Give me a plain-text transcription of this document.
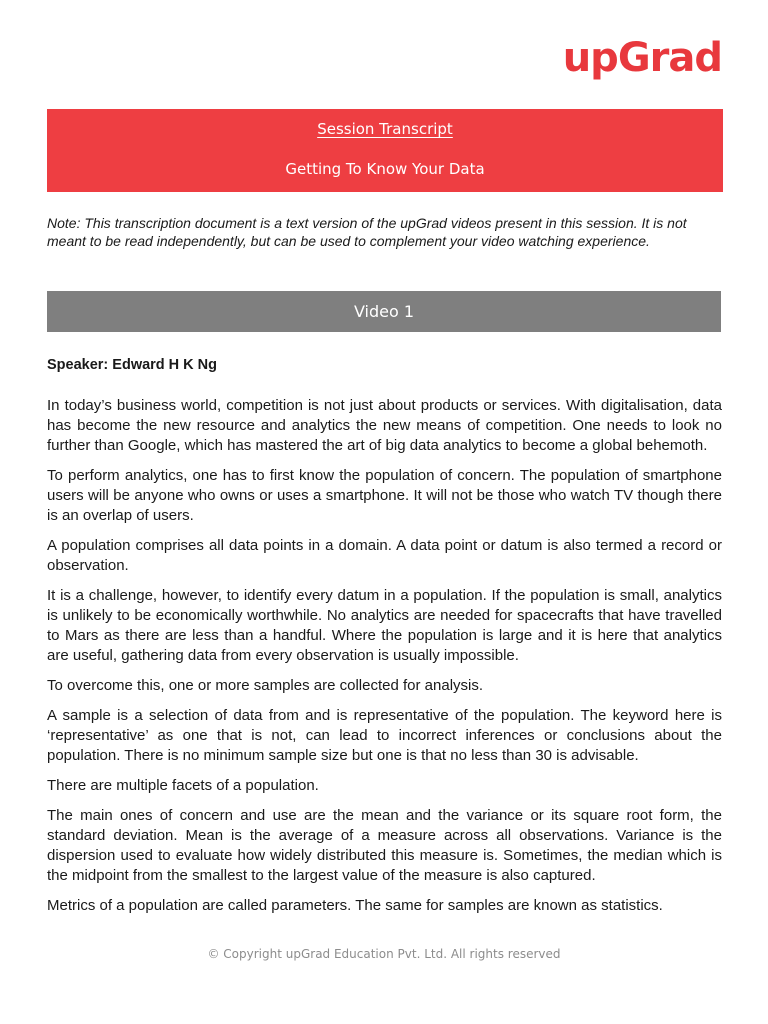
upGrad
Session Transcript
Getting To Know Your Data
Note: This transcription document is a text version of the upGrad videos present in this session. It is not meant to be read independently, but can be used to complement your video watching experience.
Video 1
Speaker: Edward H K Ng

In today’s business world, competition is not just about products or services. With digitalisation, data has become the new resource and analytics the new means of competition. One needs to look no further than Google, which has mastered the art of big data analytics to become a global behemoth.

To perform analytics, one has to first know the population of concern. The population of smartphone users will be anyone who owns or uses a smartphone. It will not be those who watch TV though there is an overlap of users.

A population comprises all data points in a domain. A data point or datum is also termed a record or observation.

It is a challenge, however, to identify every datum in a population. If the population is small, analytics is unlikely to be economically worthwhile. No analytics are needed for spacecrafts that have travelled to Mars as there are less than a handful. Where the population is large and it is here that analytics are useful, gathering data from every observation is usually impossible.

To overcome this, one or more samples are collected for analysis.

A sample is a selection of data from and is representative of the population. The keyword here is ‘representative’ as one that is not, can lead to incorrect inferences or conclusions about the population. There is no minimum sample size but one is that no less than 30 is advisable.

There are multiple facets of a population.

The main ones of concern and use are the mean and the variance or its square root form, the standard deviation. Mean is the average of a measure across all observations. Variance is the dispersion used to evaluate how widely distributed this measure is. Sometimes, the median which is the midpoint from the smallest to the largest value of the measure is also captured.

Metrics of a population are called parameters. The same for samples are known as statistics.

© Copyright upGrad Education Pvt. Ltd. All rights reserved
